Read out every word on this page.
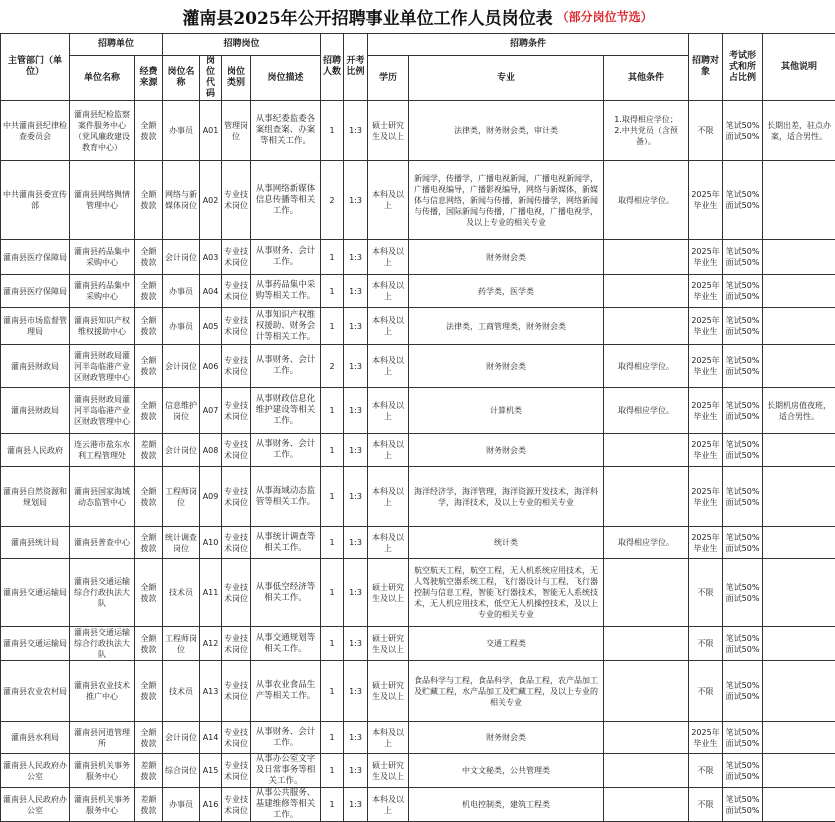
灌南县2025年公开招聘事业单位工作人员岗位表 （部分岗位节选）
主管部门（单位）	招聘单位		招聘岗位				招聘人数	开考比例	招聘条件			招聘对象	考试形式和所占比例	其他说明
	单位名称	经费来源	岗位名称	岗位代码	岗位类别	岗位描述			学历	专业	其他条件			
中共灌南县纪律检查委员会	灌南县纪检监察案件服务中心（党风廉政建设教育中心）	全额拨款	办事员	A01	管理岗位	从事纪委监委各案组查案、办案等相关工作。	1	1:3	硕士研究生及以上	法律类，财务财会类，审计类	1.取得相应学位；
2.中共党员（含预备）。	不限	笔试50%
面试50%	长期出差，驻点办案，适合男性。
中共灌南县委宣传部	灌南县网络舆情管理中心	全额拨款	网络与新媒体岗位	A02	专业技术岗位	从事网络新媒体信息传播等相关工作。	2	1:3	本科及以上	新闻学，传播学，广播电视新闻，广播电视新闻学，广播电视编导，广播影视编导，网络与新媒体，新媒体与信息网络，新闻与传播，新闻传播学，网络新闻与传播，国际新闻与传播，广播电视，广播电视学，及以上专业的相关专业	取得相应学位。	2025年毕业生	笔试50%
面试50%	
灌南县医疗保障局	灌南县药品集中采购中心	全额拨款	会计岗位	A03	专业技术岗位	从事财务、会计工作。	1	1:3	本科及以上	财务财会类		2025年毕业生	笔试50%
面试50%	
灌南县医疗保障局	灌南县药品集中采购中心	全额拨款	办事员	A04	专业技术岗位	从事药品集中采购等相关工作。	1	1:3	本科及以上	药学类，医学类		2025年毕业生	笔试50%
面试50%	
灌南县市场监督管理局	灌南县知识产权维权援助中心	全额拨款	办事员	A05	专业技术岗位	从事知识产权维权援助、财务会计等相关工作。	1	1:3	本科及以上	法律类，工商管理类，财务财会类		2025年毕业生	笔试50%
面试50%	
灌南县财政局	灌南县财政局灌河半岛临港产业区财政管理中心	全额拨款	会计岗位	A06	专业技术岗位	从事财务、会计工作。	2	1:3	本科及以上	财务财会类	取得相应学位。	2025年毕业生	笔试50%
面试50%	
灌南县财政局	灌南县财政局灌河半岛临港产业区财政管理中心	全额拨款	信息维护岗位	A07	专业技术岗位	从事财政信息化维护建设等相关工作。	1	1:3	本科及以上	计算机类	取得相应学位。	2025年毕业生	笔试50%
面试50%	长期机房值夜班，适合男性。
灌南县人民政府	连云港市盐东水利工程管理处	差额拨款	会计岗位	A08	专业技术岗位	从事财务、会计工作。	1	1:3	本科及以上	财务财会类		2025年毕业生	笔试50%
面试50%	
灌南县自然资源和规划局	灌南县国家海域动态监管中心	全额拨款	工程师岗位	A09	专业技术岗位	从事海域动态监管等相关工作。	1	1:3	本科及以上	海洋经济学，海洋管理，海洋资源开发技术，海洋科学，海洋技术，及以上专业的相关专业		2025年毕业生	笔试50%
面试50%	
灌南县统计局	灌南县普查中心	全额拨款	统计调查岗位	A10	专业技术岗位	从事统计调查等相关工作。	1	1:3	本科及以上	统计类	取得相应学位。	2025年毕业生	笔试50%
面试50%	
灌南县交通运输局	灌南县交通运输综合行政执法大队	全额拨款	技术员	A11	专业技术岗位	从事低空经济等相关工作。	1	1:3	硕士研究生及以上	航空航天工程，航空工程，无人机系统应用技术，无人驾驶航空器系统工程，飞行器设计与工程，飞行器控制与信息工程，智能飞行器技术，智能无人系统技术，无人机应用技术，低空无人机操控技术，及以上专业的相关专业		不限	笔试50%
面试50%	
灌南县交通运输局	灌南县交通运输综合行政执法大队	全额拨款	工程师岗位	A12	专业技术岗位	从事交通规划等相关工作。	1	1:3	硕士研究生及以上	交通工程类		不限	笔试50%
面试50%	
灌南县农业农村局	灌南县农业技术推广中心	全额拨款	技术员	A13	专业技术岗位	从事农业食品生产等相关工作。	1	1:3	硕士研究生及以上	食品科学与工程，食品科学，食品工程，农产品加工及贮藏工程，水产品加工及贮藏工程，及以上专业的相关专业		不限	笔试50%
面试50%	
灌南县水利局	灌南县河道管理所	全额拨款	会计岗位	A14	专业技术岗位	从事财务、会计工作。	1	1:3	本科及以上	财务财会类		2025年毕业生	笔试50%
面试50%	
灌南县人民政府办公室	灌南县机关事务服务中心	差额拨款	综合岗位	A15	专业技术岗位	从事办公室文字及日常事务等相关工作。	1	1:3	硕士研究生及以上	中文文秘类，公共管理类		不限	笔试50%
面试50%	
灌南县人民政府办公室	灌南县机关事务服务中心	差额拨款	办事员	A16	专业技术岗位	从事公共服务、基建维修等相关工作。	1	1:3	本科及以上	机电控制类，建筑工程类		不限	笔试50%
面试50%	
